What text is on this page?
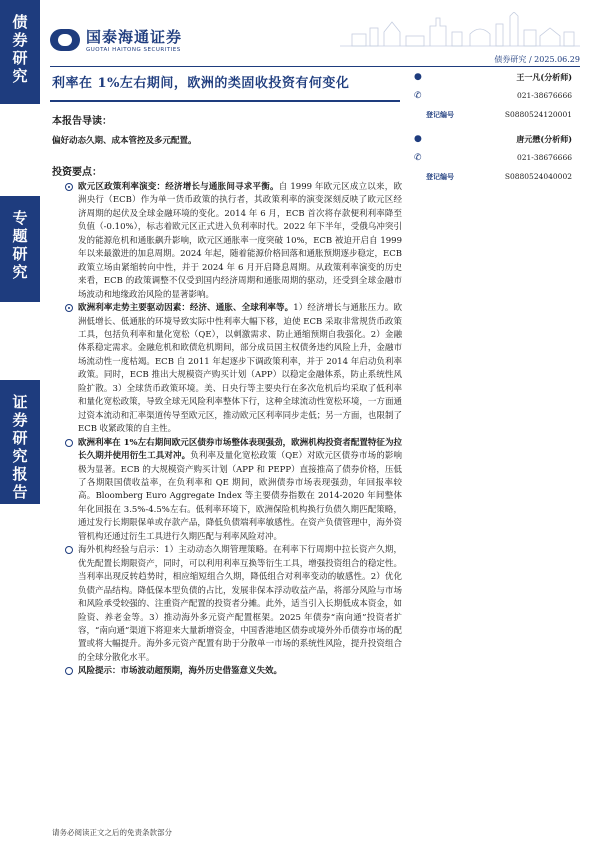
债券研究
专题研究
证券研究报告
国泰海通证券
GUOTAI HAITONG SECURITIES
债券研究 / 2025.06.29
利率在 1%左右期间，欧洲的类固收投资有何变化
本报告导读：
偏好动态久期、成本管控及多元配置。
投资要点：
欧元区政策利率演变：经济增长与通胀间寻求平衡。自 1999 年欧元区成立以来，欧洲央行（ECB）作为单一货币政策的执行者，其政策利率的演变深刻反映了欧元区经济周期的起伏及全球金融环境的变化。2014 年 6 月，ECB 首次将存款便利利率降至负值（-0.10%），标志着欧元区正式进入负利率时代。2022 年下半年，受俄乌冲突引发的能源危机和通胀飙升影响，欧元区通胀率一度突破 10%，ECB 被迫开启自 1999 年以来最激进的加息周期。2024 年起，随着能源价格回落和通胀预期逐步稳定，ECB 政策立场由紧缩转向中性，并于 2024 年 6 月开启降息周期。从政策利率演变的历史来看，ECB 的政策调整不仅受到国内经济周期和通胀周期的驱动，还受到全球金融市场波动和地缘政治风险的显著影响。
欧洲利率走势主要驱动因素：经济、通胀、全球利率等。1）经济增长与通胀压力。欧洲低增长、低通胀的环境导致实际中性利率大幅下移，迫使 ECB 采取非常规货币政策工具，包括负利率和量化宽松（QE），以刺激需求、防止通缩预期自我强化。2）金融体系稳定需求。金融危机和欧债危机期间，部分成员国主权债务违约风险上升，金融市场流动性一度枯竭。ECB 自 2011 年起逐步下调政策利率，并于 2014 年启动负利率政策。同时，ECB 推出大规模资产购买计划（APP）以稳定金融体系，防止系统性风险扩散。3）全球货币政策环境。美、日央行等主要央行在多次危机后均采取了低利率和量化宽松政策，导致全球无风险利率整体下行，这种全球流动性宽松环境，一方面通过资本流动和汇率渠道传导至欧元区，推动欧元区利率同步走低；另一方面，也限制了 ECB 收紧政策的自主性。
欧洲利率在 1%左右期间欧元区债券市场整体表现强劲，欧洲机构投资者配置特征为拉长久期并使用衍生工具对冲。负利率及量化宽松政策（QE）对欧元区债券市场的影响极为显著。ECB 的大规模资产购买计划（APP 和 PEPP）直接推高了债券价格，压低了各期限国债收益率，在负利率和 QE 期间，欧洲债券市场表现强劲，年回报率较高。Bloomberg Euro Aggregate Index 等主要债券指数在 2014-2020 年间整体年化回报在 3.5%-4.5%左右。低利率环境下，欧洲保险机构换行负债久期匹配策略，通过发行长期限保单或存款产品，降低负债端利率敏感性。在资产负债管理中，海外资管机构还通过衍生工具进行久期匹配与利率风险对冲。
海外机构经验与启示：1）主动动态久期管理策略。在利率下行周期中拉长资产久期，优先配置长期限资产，同时，可以利用利率互换等衍生工具，增强投资组合的稳定性。当利率出现反转趋势时，相应缩短组合久期，降低组合对利率变动的敏感性。2）优化负债产品结构。降低保本型负债的占比，发展非保本浮动收益产品，将部分风险与市场和风险承受较强的、注重资产配置的投资者分摊。此外，适当引入长期低成本资金，如险资、养老金等。3）推动海外多元资产配置框架。2025 年债券“南向通”投资者扩容，“南向通”渠道下将迎来大量新增资金，中国香港地区债券或境外外币债券市场的配置或将大幅提升。海外多元资产配置有助于分散单一市场的系统性风险，提升投资组合的全球分散化水平。
风险提示：市场波动超预期，海外历史借鉴意义失效。
●	王一凡(分析师)
✆	021-38676666
登记编号	S0880524120001
●	唐元懋(分析师)
✆	021-38676666
登记编号	S0880524040002
请务必阅读正文之后的免责条款部分
